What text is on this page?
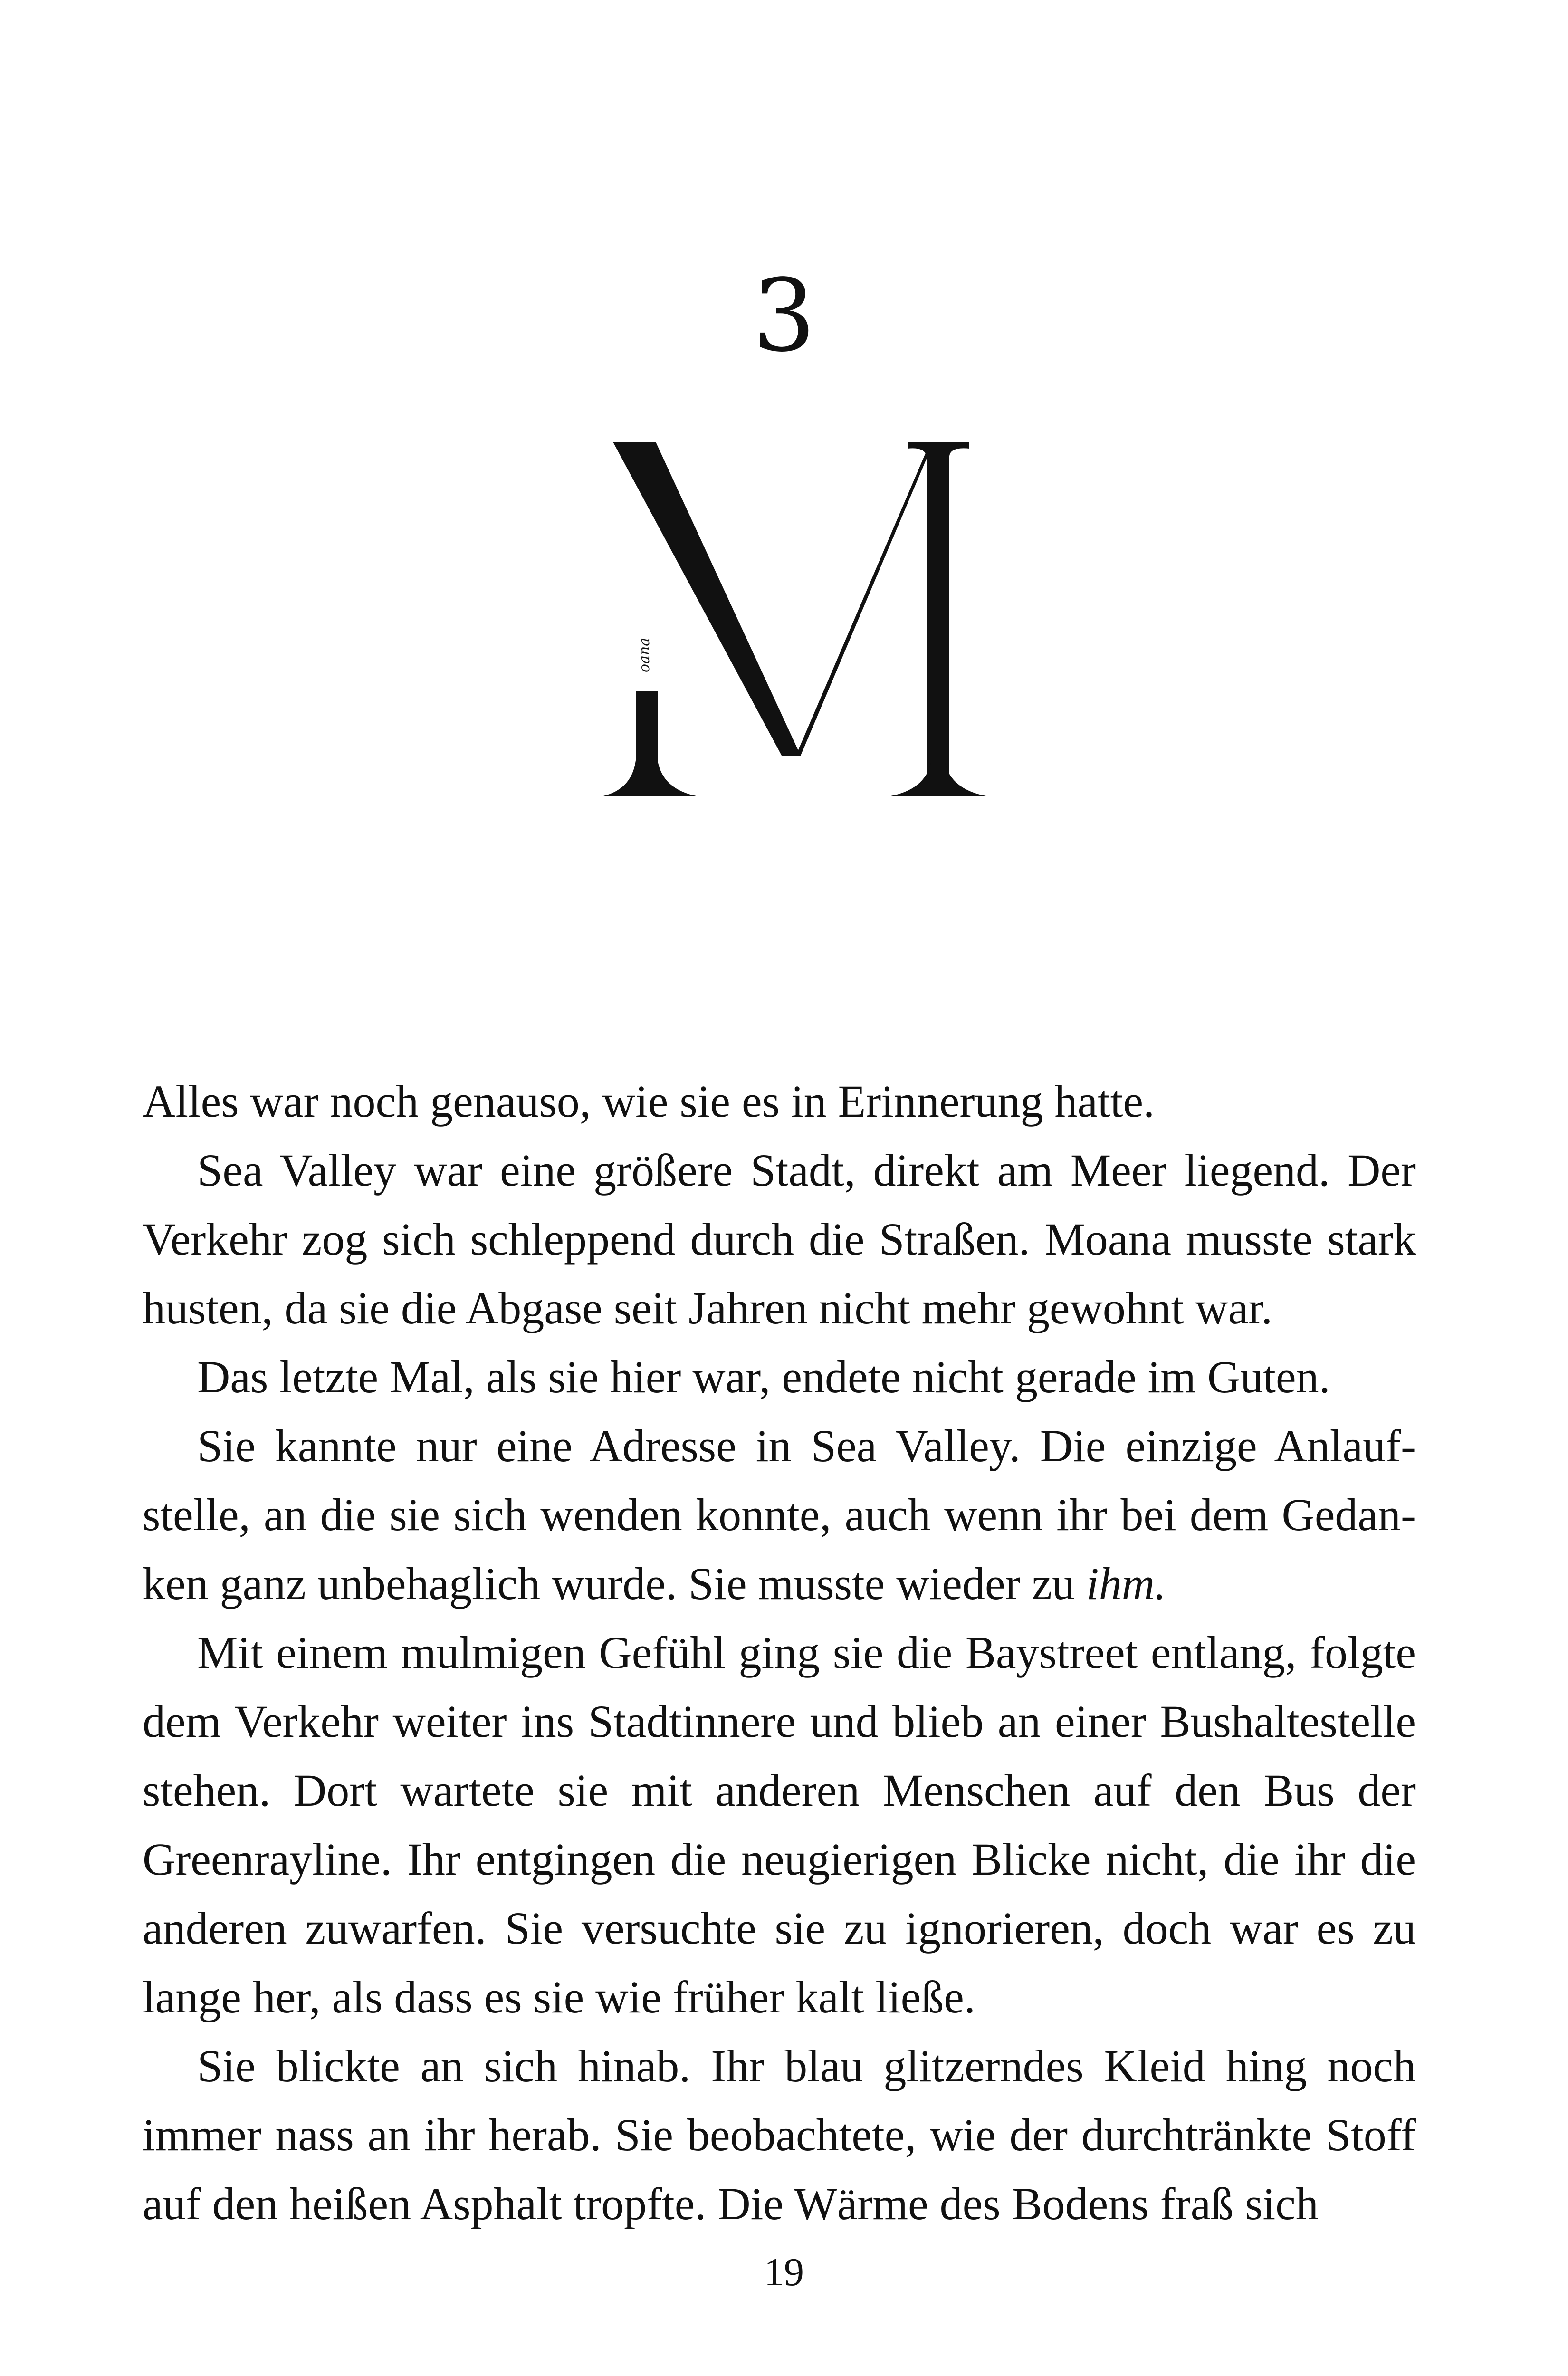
3
oana

Alles war noch genauso, wie sie es in Erinnerung hatte.

Sea Valley war eine größere Stadt, direkt am Meer liegend. Der Verkehr zog sich schleppend durch die Straßen. Moana musste stark husten, da sie die Abgase seit Jahren nicht mehr gewohnt war.

Das letzte Mal, als sie hier war, endete nicht gerade im Guten.

Sie kannte nur eine Adresse in Sea Valley. Die einzige Anlaufstelle, an die sie sich wenden konnte, auch wenn ihr bei dem Gedanken ganz unbehaglich wurde. Sie musste wieder zu ihm.

Mit einem mulmigen Gefühl ging sie die Baystreet entlang, folgte dem Verkehr weiter ins Stadtinnere und blieb an einer Bushaltestelle stehen. Dort wartete sie mit anderen Menschen auf den Bus der Greenrayline. Ihr entgingen die neugierigen Blicke nicht, die ihr die anderen zuwarfen. Sie versuchte sie zu ignorieren, doch war es zu lange her, als dass es sie wie früher kalt ließe.

Sie blickte an sich hinab. Ihr blau glitzerndes Kleid hing noch immer nass an ihr herab. Sie beobachtete, wie der durchtränkte Stoff auf den heißen Asphalt tropfte. Die Wärme des Bodens fraß sich

19
